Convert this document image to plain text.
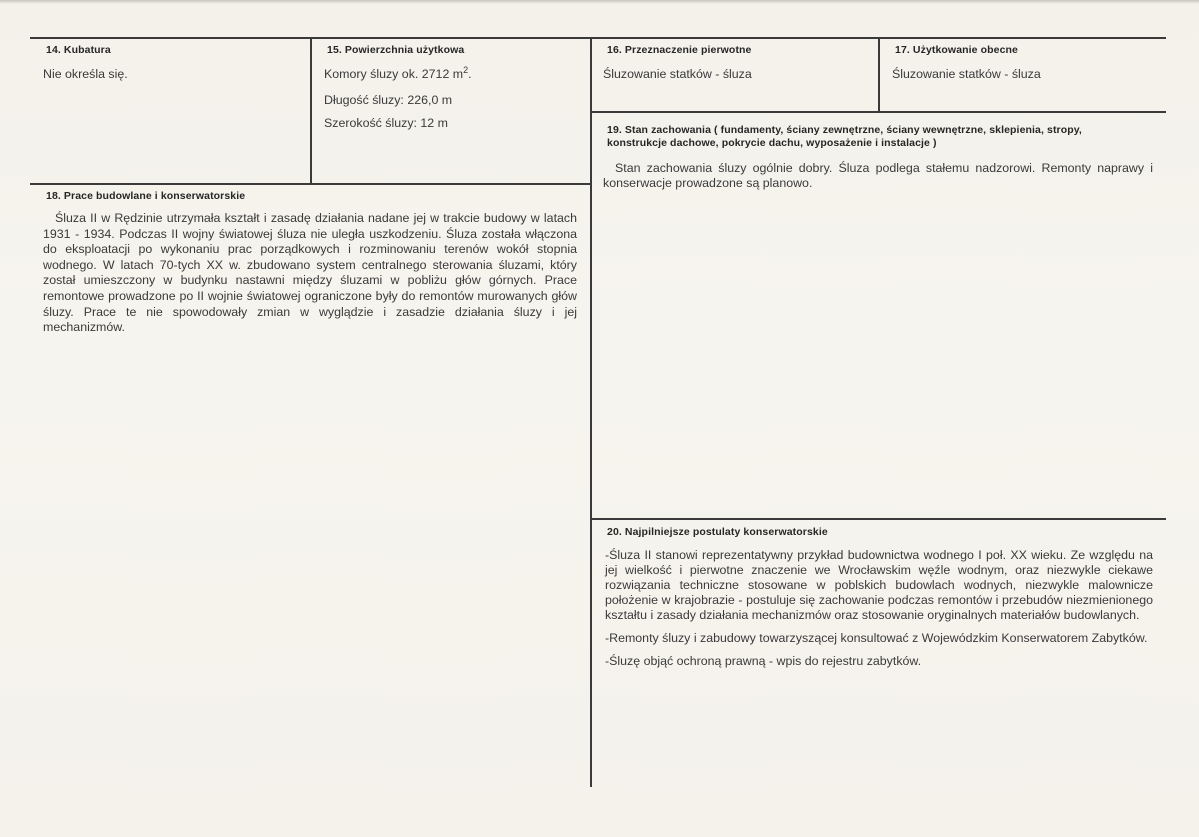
14. Kubatura
Nie określa się.
15. Powierzchnia użytkowa
Komory śluzy ok. 2712 $m^2$.
Długość śluzy: 226,0 m
Szerokość śluzy: 12 m
16. Przeznaczenie pierwotne
Śluzowanie statków - śluza
17. Użytkowanie obecne
Śluzowanie statków - śluza
19. Stan zachowania ( fundamenty, ściany zewnętrzne, ściany wewnętrzne, sklepienia, stropy, konstrukcje dachowe, pokrycie dachu, wyposażenie i instalacje )
Stan zachowania śluzy ogólnie dobry. Śluza podlega stałemu nadzorowi. Remonty naprawy i konserwacje prowadzone są planowo.
18. Prace budowlane i konserwatorskie
Śluza II w Rędzinie utrzymała kształt i zasadę działania nadane jej w trakcie budowy w latach 1931 - 1934. Podczas II wojny światowej śluza nie uległa uszkodzeniu. Śluza została włączona do eksploatacji po wykonaniu prac porządkowych i rozminowaniu terenów wokół stopnia wodnego. W latach 70-tych XX w. zbudowano system centralnego sterowania śluzami, który został umieszczony w budynku nastawni między śluzami w pobliżu głów górnych. Prace remontowe prowadzone po II wojnie światowej ograniczone były do remontów murowanych głów śluzy. Prace te nie spowodowały zmian w wyglądzie i zasadzie działania śluzy i jej mechanizmów.
20. Najpilniejsze postulaty konserwatorskie

-Śluza II stanowi reprezentatywny przykład budownictwa wodnego I poł. XX wieku. Ze względu na jej wielkość i pierwotne znaczenie we Wrocławskim węźle wodnym, oraz niezwykle ciekawe rozwiązania techniczne stosowane w poblskich budowlach wodnych, niezwykle malownicze położenie w krajobrazie - postuluje się zachowanie podczas remontów i przebudów niezmienionego kształtu i zasady działania mechanizmów oraz stosowanie oryginalnych materiałów budowlanych.

-Remonty śluzy i zabudowy towarzyszącej konsultować z Wojewódzkim Konserwatorem Zabytków.

-Śluzę objąć ochroną prawną - wpis do rejestru zabytków.
